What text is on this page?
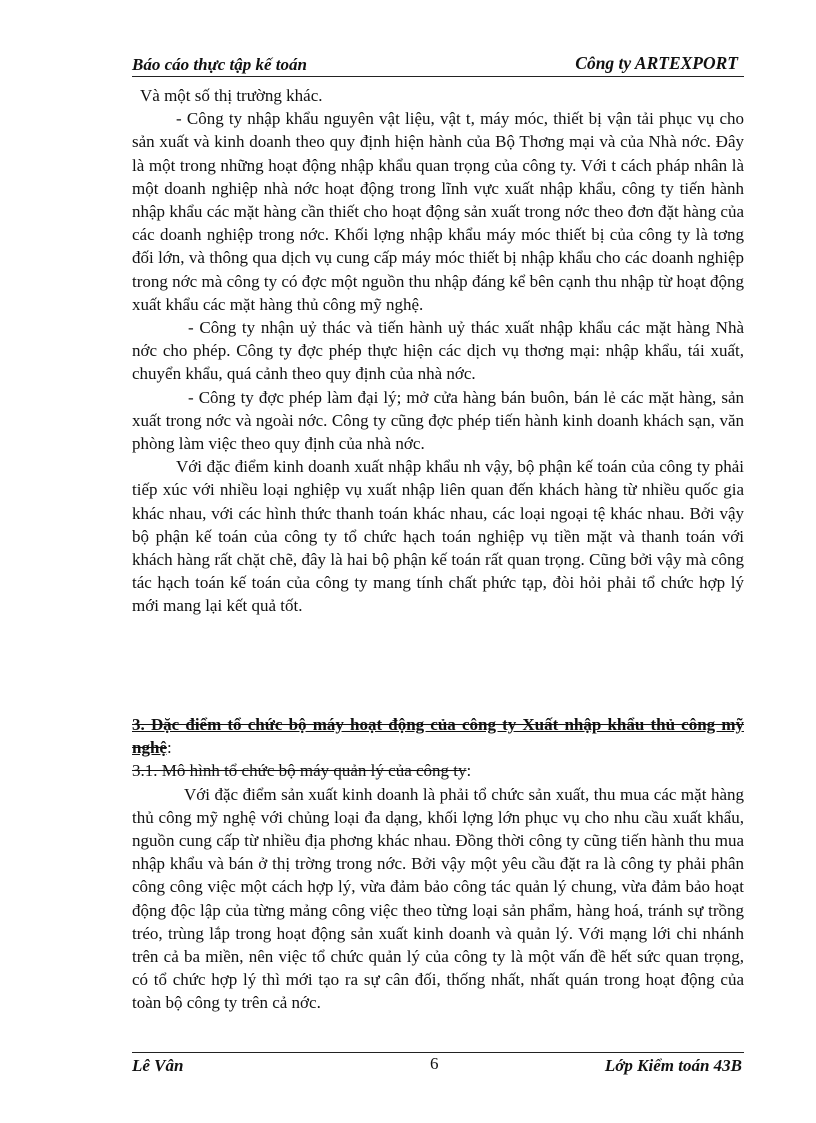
Báo cáo thực tập kế toán	Công ty ARTEXPORT

Và một số thị trường khác.

- Công ty nhập khẩu nguyên vật liệu, vật t, máy móc, thiết bị vận tải phục vụ cho sản xuất và kinh doanh theo quy định hiện hành của Bộ Thơng mại và của Nhà nớc. Đây là một trong những hoạt động nhập khẩu quan trọng của công ty. Với t cách pháp nhân là một doanh nghiệp nhà nớc hoạt động trong lĩnh vực xuất nhập khẩu, công ty tiến hành nhập khẩu các mặt hàng cần thiết cho hoạt động sản xuất trong nớc theo đơn đặt hàng của các doanh nghiệp trong nớc. Khối lợng nhập khẩu máy móc thiết bị của công ty là tơng đối lớn, và thông qua dịch vụ cung cấp máy móc thiết bị nhập khẩu cho các doanh nghiệp trong nớc mà công ty có đợc một nguồn thu nhập đáng kể bên cạnh thu nhập từ hoạt động xuất khẩu các mặt hàng thủ công mỹ nghệ.

- Công ty nhận uỷ thác và tiến hành uỷ thác xuất nhập khẩu các mặt hàng Nhà nớc cho phép. Công ty đợc phép thực hiện các dịch vụ thơng mại: nhập khẩu, tái xuất, chuyển khẩu, quá cảnh theo quy định của nhà nớc.

- Công ty đợc phép làm đại lý; mở cửa hàng bán buôn, bán lẻ các mặt hàng, sản xuất trong nớc và ngoài nớc. Công ty cũng đợc phép tiến hành kinh doanh khách sạn, văn phòng làm việc theo quy định của nhà nớc.

Với đặc điểm kinh doanh xuất nhập khẩu nh vậy, bộ phận kế toán của công ty phải tiếp xúc với nhiều loại nghiệp vụ xuất nhập liên quan đến khách hàng từ nhiều quốc gia khác nhau, với các hình thức thanh toán khác nhau, các loại ngoại tệ khác nhau. Bởi vậy bộ phận kế toán của công ty tổ chức hạch toán nghiệp vụ tiền mặt và thanh toán với khách hàng rất chặt chẽ, đây là hai bộ phận kế toán rất quan trọng. Cũng bởi vậy mà công tác hạch toán kế toán của công ty mang tính chất phức tạp, đòi hỏi phải tổ chức hợp lý mới mang lại kết quả tốt.

3. Đặc điểm tổ chức bộ máy hoạt động của công ty Xuất nhập khẩu thủ công mỹ nghệ:

3.1. Mô hình tổ chức bộ máy quản lý của công ty:

Với đặc điểm sản xuất kinh doanh là phải tổ chức sản xuất, thu mua các mặt hàng thủ công mỹ nghệ với chủng loại đa dạng, khối lợng lớn phục vụ cho nhu cầu xuất khẩu, nguồn cung cấp từ nhiều địa phơng khác nhau. Đồng thời công ty cũng tiến hành thu mua nhập khẩu và bán ở thị trờng trong nớc. Bởi vậy một yêu cầu đặt ra là công ty phải phân công công việc một cách hợp lý, vừa đảm bảo công tác quản lý chung, vừa đảm bảo hoạt động độc lập của từng mảng công việc theo từng loại sản phẩm, hàng hoá, tránh sự trồng tréo, trùng lắp trong hoạt động sản xuất kinh doanh và quản lý. Với mạng lới chi nhánh trên cả ba miền, nên việc tổ chức quản lý của công ty là một vấn đề hết sức quan trọng, có tổ chức hợp lý thì mới tạo ra sự cân đối, thống nhất, nhất quán trong hoạt động của toàn bộ công ty trên cả nớc.

Lê Vân	6	Lớp Kiểm toán 43B
